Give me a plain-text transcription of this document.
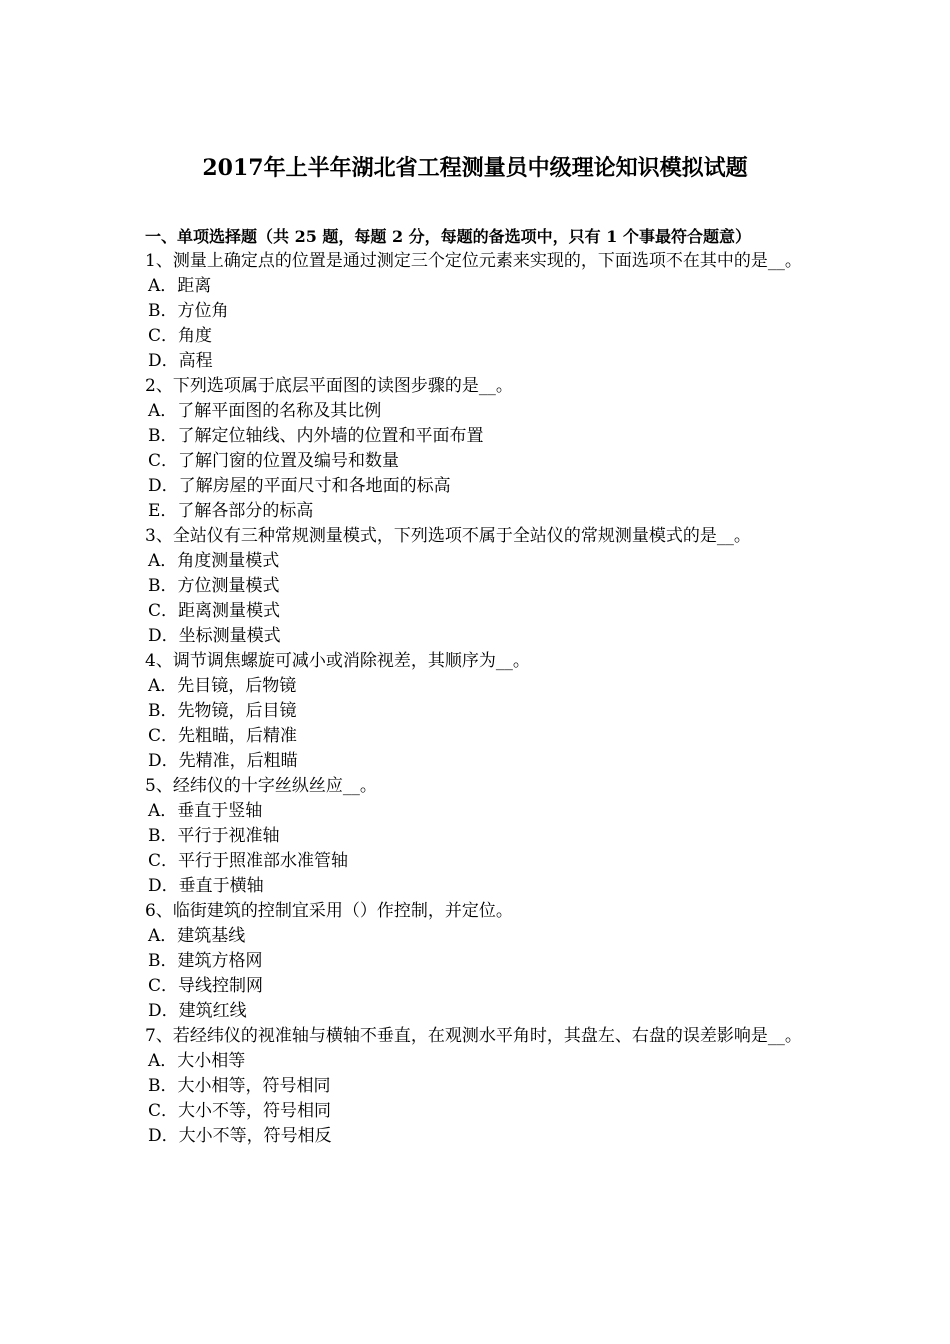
2017年上半年湖北省工程测量员中级理论知识模拟试题
一、单项选择题（共 25 题，每题 2 分，每题的备选项中，只有 1 个事最符合题意）
1、测量上确定点的位置是通过测定三个定位元素来实现的，下面选项不在其中的是__。
A．距离
B．方位角
C．角度
D．高程
2、下列选项属于底层平面图的读图步骤的是__。
A．了解平面图的名称及其比例
B．了解定位轴线、内外墙的位置和平面布置
C．了解门窗的位置及编号和数量
D．了解房屋的平面尺寸和各地面的标高
E．了解各部分的标高
3、全站仪有三种常规测量模式，下列选项不属于全站仪的常规测量模式的是__。
A．角度测量模式
B．方位测量模式
C．距离测量模式
D．坐标测量模式
4、调节调焦螺旋可减小或消除视差，其顺序为__。
A．先目镜，后物镜
B．先物镜，后目镜
C．先粗瞄，后精准
D．先精准，后粗瞄
5、经纬仪的十字丝纵丝应__。
A．垂直于竖轴
B．平行于视准轴
C．平行于照准部水准管轴
D．垂直于横轴
6、临街建筑的控制宜采用（）作控制，并定位。
A．建筑基线
B．建筑方格网
C．导线控制网
D．建筑红线
7、若经纬仪的视准轴与横轴不垂直，在观测水平角时，其盘左、右盘的误差影响是__。
A．大小相等
B．大小相等，符号相同
C．大小不等，符号相同
D．大小不等，符号相反
